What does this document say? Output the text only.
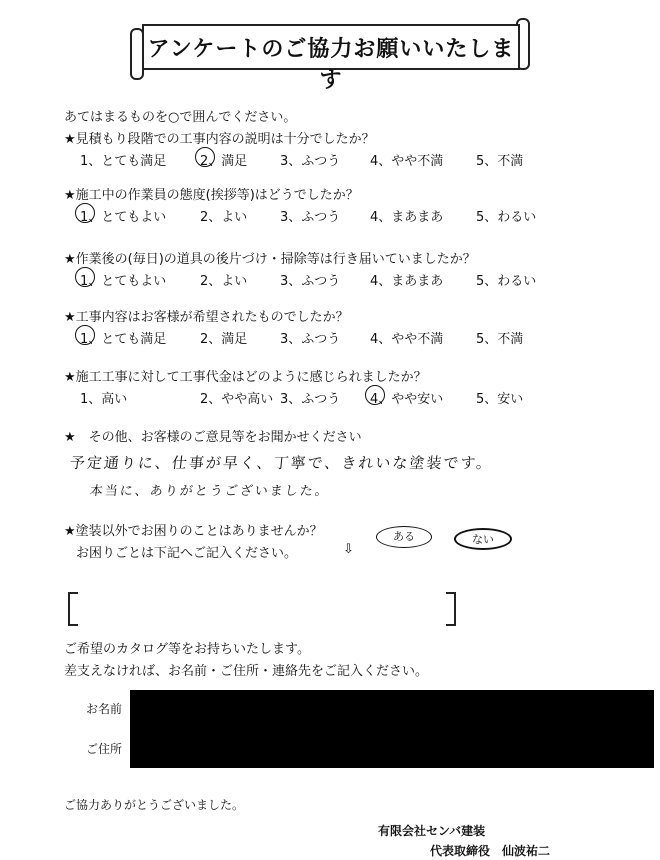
アンケートのご協力お願いいたします
あてはまるものを○で囲んでください。
★見積もり段階での工事内容の説明は十分でしたか？
1、とても満足	2、満足	3、ふつう 4、やや不満	5、不満
★施工中の作業員の態度(挨拶等)はどうでしたか？
1、とてもよい	2、よい	3、ふつう 4、まあまあ	5、わるい
★作業後の(毎日)の道具の後片づけ・掃除等は行き届いていましたか？
1、とてもよい	2、よい	3、ふつう 4、まあまあ	5、わるい
★工事内容はお客様が希望されたものでしたか？
1、とても満足	2、満足	3、ふつう 4、やや不満	5、不満
★施工工事に対して工事代金はどのように感じられましたか？
1、高い	2、やや高い 3、ふつう 4、やや安い	5、安い
★　その他、お客様のご意見等をお聞かせください
予定通りに、仕事が早く、丁寧で、きれいな塗装です。
本当に、ありがとうございました。
★塗装以外でお困りのことはありませんか？
お困りごとは下記へご記入ください。	⇩
ある	ない
ご希望のカタログ等をお持ちいたします。
差支えなければ、お名前・ご住所・連絡先をご記入ください。
お名前
ご住所
ご協力ありがとうございました。
有限会社センバ建装
代表取締役　仙波祐二
